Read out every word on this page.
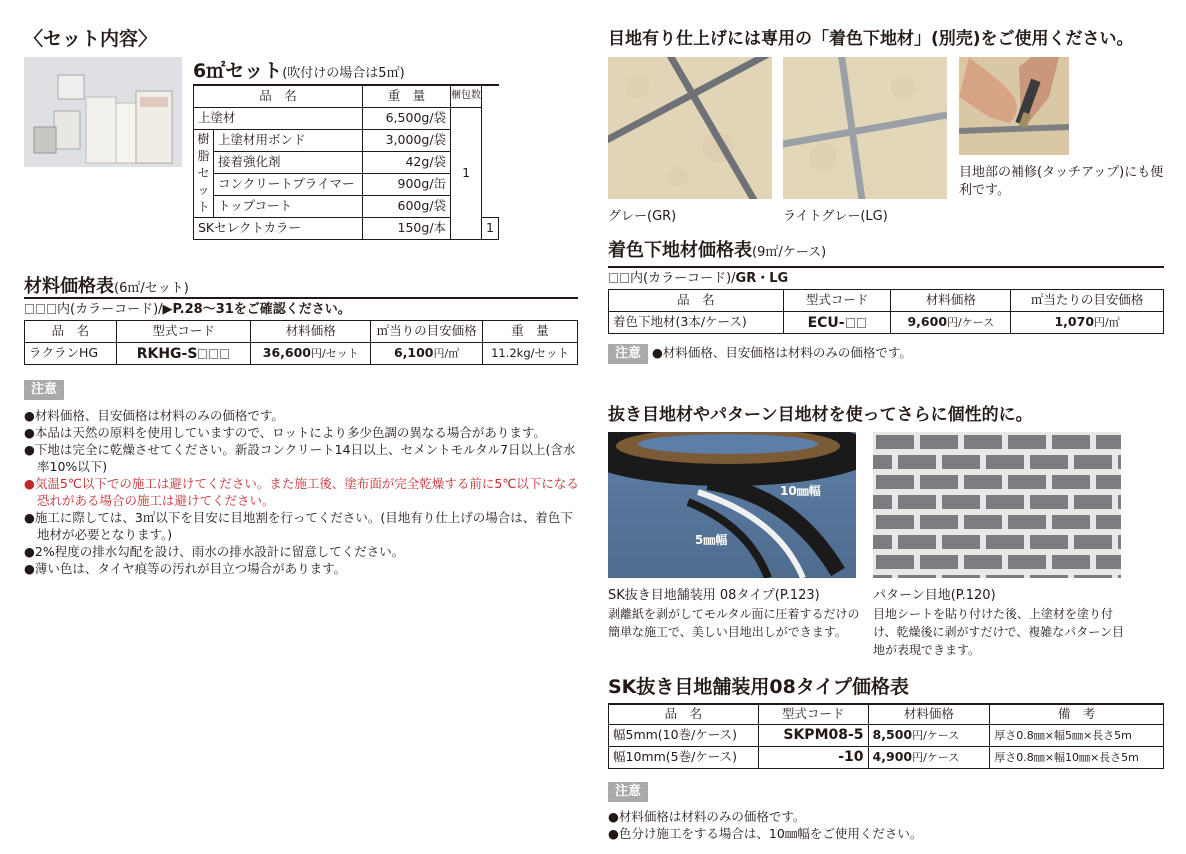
〈セット内容〉
6㎡セット(吹付けの場合は5㎡)
品　名		重　量	梱包数	
上塗材		6,500g/袋	1	
樹脂セット	上塗材用ボンド	3,000g/袋		
	接着強化剤	42g/袋		
	コンクリートプライマー	900g/缶		
	トップコート	600g/袋		
SKセレクトカラー		150g/本		1
材料価格表(6㎡/セット)
内(カラーコード)/▶P.28～31をご確認ください。
品　名	型式コード	材料価格	㎡当りの目安価格	重　量
ラクランHG	RKHG-S	36,600円/セット	6,100円/㎡	11.2kg/セット
注意
●材料価格、目安価格は材料のみの価格です。
●本品は天然の原料を使用していますので、ロットにより多少色調の異なる場合があります。
●下地は完全に乾燥させてください。新設コンクリート14日以上、セメントモルタル7日以上(含水率10%以下)
●気温5℃以下での施工は避けてください。また施工後、塗布面が完全乾燥する前に5℃以下になる恐れがある場合の施工は避けてください。
●施工に際しては、3㎡以下を目安に目地割を行ってください。(目地有り仕上げの場合は、着色下地材が必要となります。)
●2%程度の排水勾配を設け、雨水の排水設計に留意してください。
●薄い色は、タイヤ痕等の汚れが目立つ場合があります。
目地有り仕上げには専用の「着色下地材」(別売)をご使用ください。
グレー(GR)	ライトグレー(LG)
目地部の補修(タッチアップ)にも便利です。
着色下地材価格表(9㎡/ケース)
内(カラーコード)/GR・LG
品　名	型式コード	材料価格	㎡当たりの目安価格
着色下地材(3本/ケース)	ECU-	9,600円/ケース	1,070円/㎡
注意 ●材料価格、目安価格は材料のみの価格です。
抜き目地材やパターン目地材を使ってさらに個性的に。
10㎜幅
5㎜幅
SK抜き目地舗装用 08タイプ(P.123)
剥離紙を剥がしてモルタル面に圧着するだけの簡単な施工で、美しい目地出しができます。
パターン目地(P.120)
目地シートを貼り付けた後、上塗材を塗り付け、乾燥後に剥がすだけで、複雑なパターン目地が表現できます。
SK抜き目地舗装用08タイプ価格表
品　名	型式コード	材料価格	備　考
幅5mm(10巻/ケース)	SKPM08-5	8,500円/ケース	厚さ0.8㎜×幅5㎜×長さ5m
幅10mm(5巻/ケース)	-10	4,900円/ケース	厚さ0.8㎜×幅10㎜×長さ5m
注意
●材料価格は材料のみの価格です。
●色分け施工をする場合は、10㎜幅をご使用ください。
